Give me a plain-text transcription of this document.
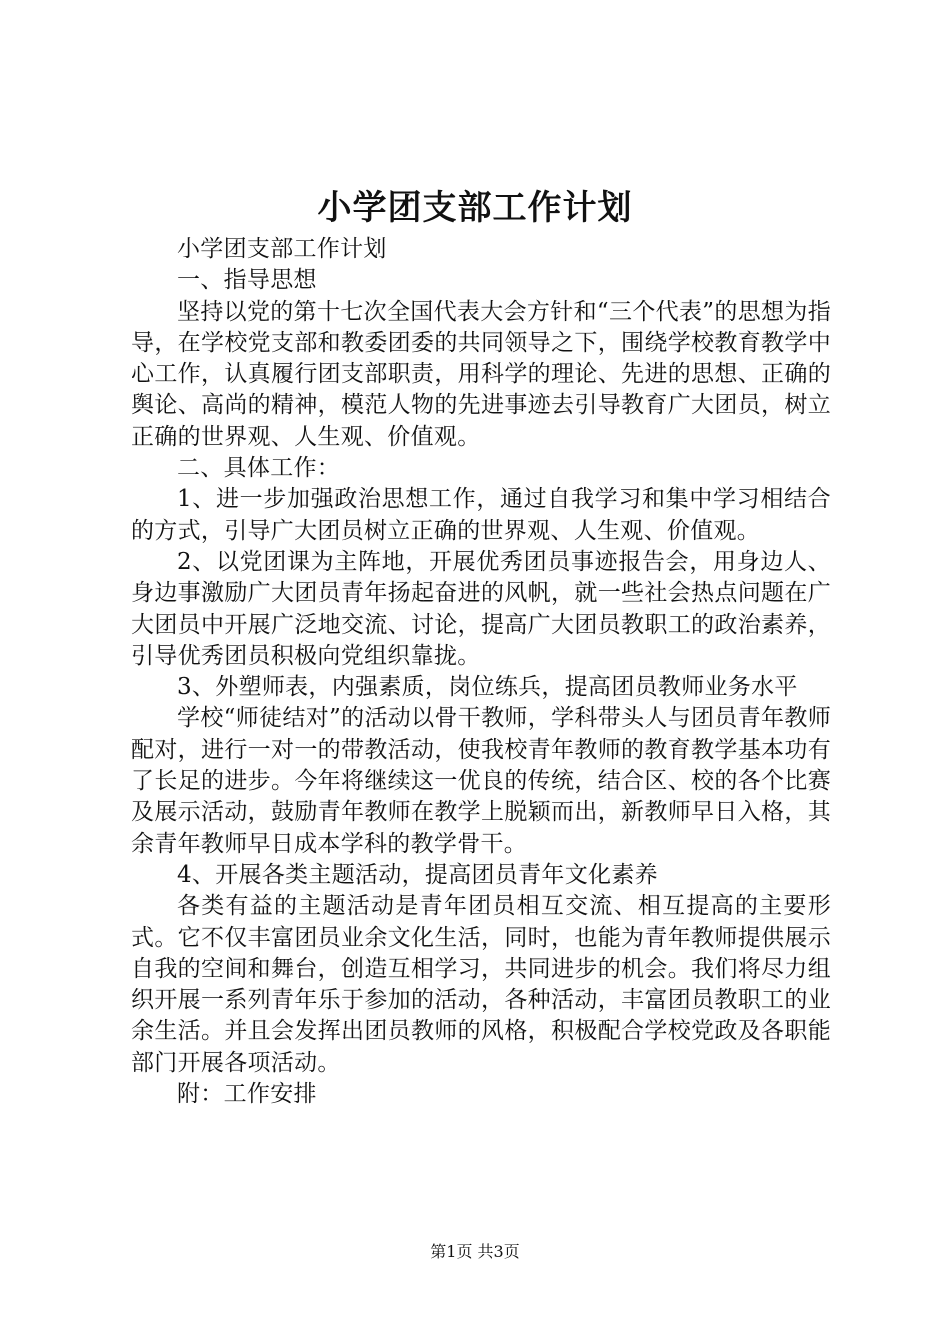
小学团支部工作计划

小学团支部工作计划

一、指导思想

坚持以党的第十七次全国代表大会方针和“三个代表”的思想为指导，在学校党支部和教委团委的共同领导之下，围绕学校教育教学中心工作，认真履行团支部职责，用科学的理论、先进的思想、正确的舆论、高尚的精神，模范人物的先进事迹去引导教育广大团员，树立正确的世界观、人生观、价值观。

二、具体工作：

1、进一步加强政治思想工作，通过自我学习和集中学习相结合的方式，引导广大团员树立正确的世界观、人生观、价值观。

2、以党团课为主阵地，开展优秀团员事迹报告会，用身边人、身边事激励广大团员青年扬起奋进的风帆，就一些社会热点问题在广大团员中开展广泛地交流、讨论，提高广大团员教职工的政治素养，引导优秀团员积极向党组织靠拢。

3、外塑师表，内强素质，岗位练兵，提高团员教师业务水平

学校“师徒结对”的活动以骨干教师，学科带头人与团员青年教师配对，进行一对一的带教活动，使我校青年教师的教育教学基本功有了长足的进步。今年将继续这一优良的传统，结合区、校的各个比赛及展示活动，鼓励青年教师在教学上脱颖而出，新教师早日入格，其余青年教师早日成本学科的教学骨干。

4、开展各类主题活动，提高团员青年文化素养

各类有益的主题活动是青年团员相互交流、相互提高的主要形式。它不仅丰富团员业余文化生活，同时，也能为青年教师提供展示自我的空间和舞台，创造互相学习，共同进步的机会。我们将尽力组织开展一系列青年乐于参加的活动，各种活动，丰富团员教职工的业余生活。并且会发挥出团员教师的风格，积极配合学校党政及各职能部门开展各项活动。

附：工作安排

第1页 共3页
